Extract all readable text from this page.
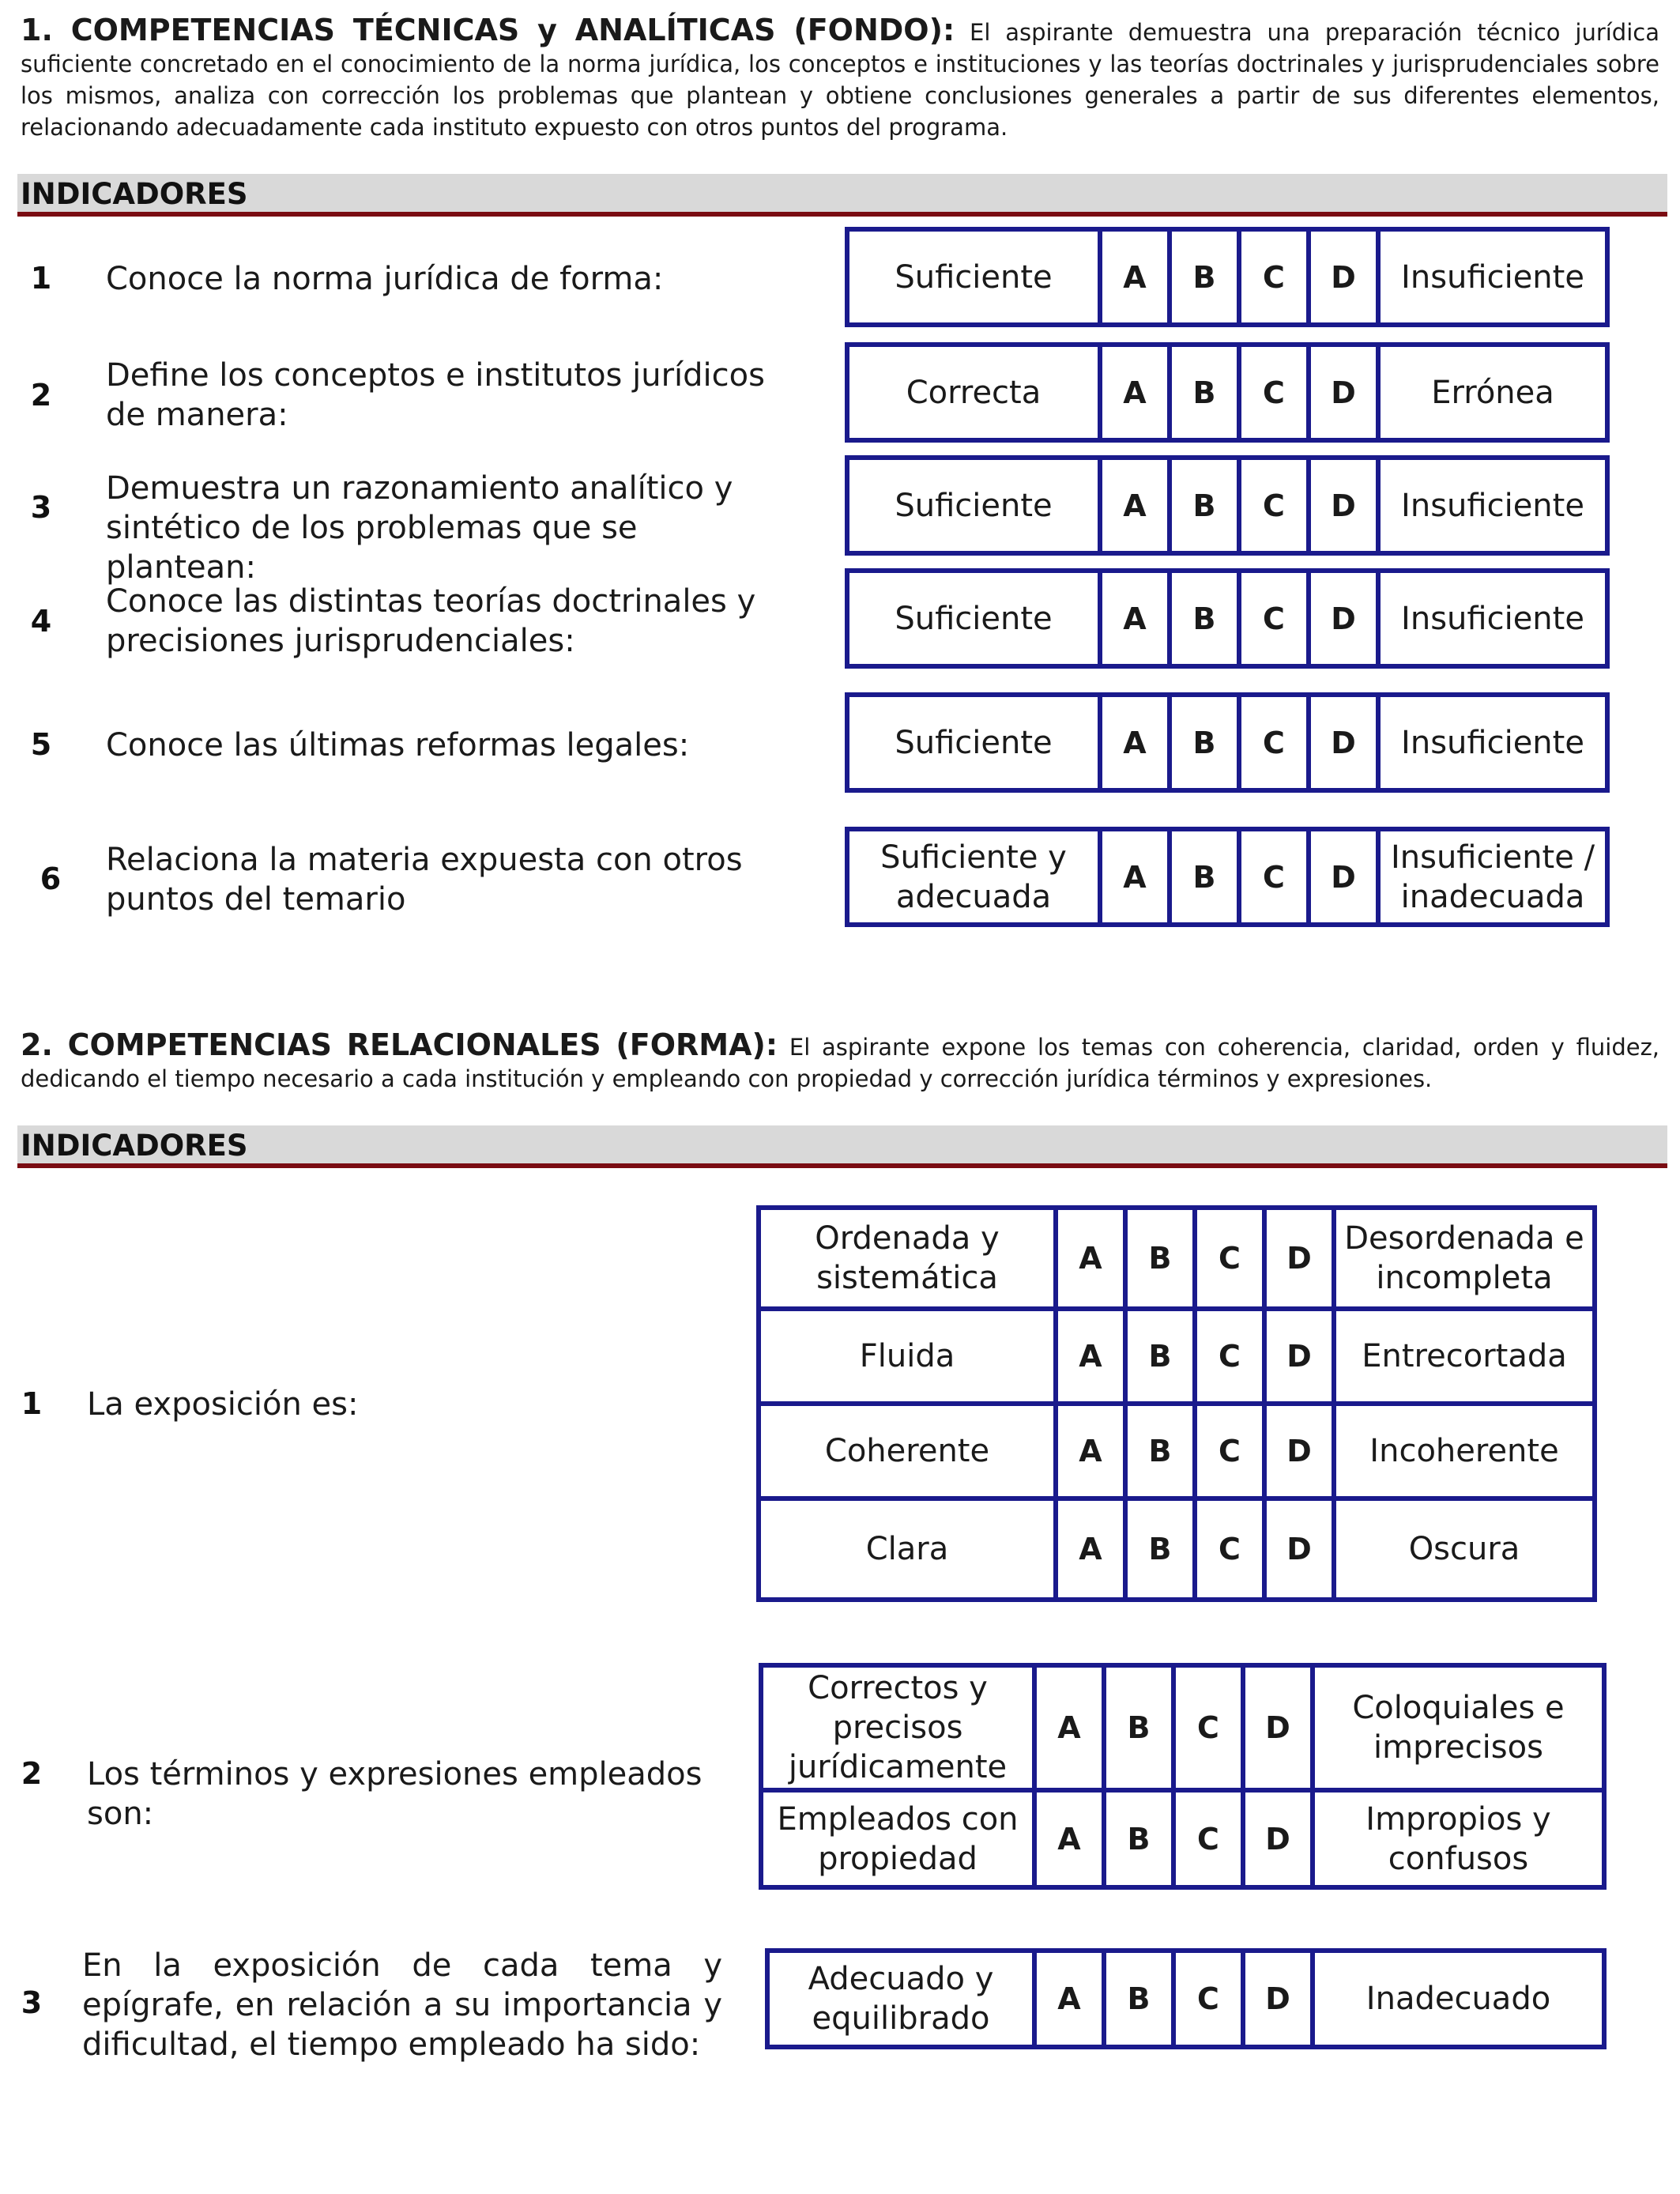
1. COMPETENCIAS TÉCNICAS y ANALÍTICAS (FONDO): El aspirante demuestra una preparación técnico jurídica suficiente concretado en el conocimiento de la norma jurídica, los conceptos e instituciones y las teorías doctrinales y jurisprudenciales sobre los mismos, analiza con corrección los problemas que plantean y obtiene conclusiones generales a partir de sus diferentes elementos, relacionando adecuadamente cada instituto expuesto con otros puntos del programa.
INDICADORES
1 Conoce la norma jurídica de forma:	Suficiente	A	B	C	D	Insuficiente
2
Define los conceptos e institutos jurídicos de manera:
Correcta	A	B	C	D	Errónea
3
Demuestra un razonamiento analítico y sintético de los problemas que se plantean:
Suficiente	A	B	C	D	Insuficiente
4
Conoce las distintas teorías doctrinales y precisiones jurisprudenciales:
Suficiente	A	B	C	D	Insuficiente
5 Conoce las últimas reformas legales:	Suficiente	A	B	C	D	Insuficiente
6
Relaciona la materia expuesta con otros puntos del temario
Suficiente y adecuada	A	B	C	D	Insuficiente / inadecuada
2. COMPETENCIAS RELACIONALES (FORMA): El aspirante expone los temas con coherencia, claridad, orden y fluidez, dedicando el tiempo necesario a cada institución y empleando con propiedad y corrección jurídica términos y expresiones.
INDICADORES
1 La exposición es:
Ordenada y sistemática	A	B	C	D	Desordenada e incompleta
Fluida	A	B	C	D	Entrecortada
Coherente	A	B	C	D	Incoherente
Clara	A	B	C	D	Oscura
2 Los términos y expresiones empleados son:
Correctos y precisos jurídicamente	A	B	C	D	Coloquiales e imprecisos
Empleados con propiedad	A	B	C	D	Impropios y confusos
3
En la exposición de cada tema y epígrafe, en relación a su importancia y dificultad, el tiempo empleado ha sido:
Adecuado y equilibrado	A	B	C	D	Inadecuado
